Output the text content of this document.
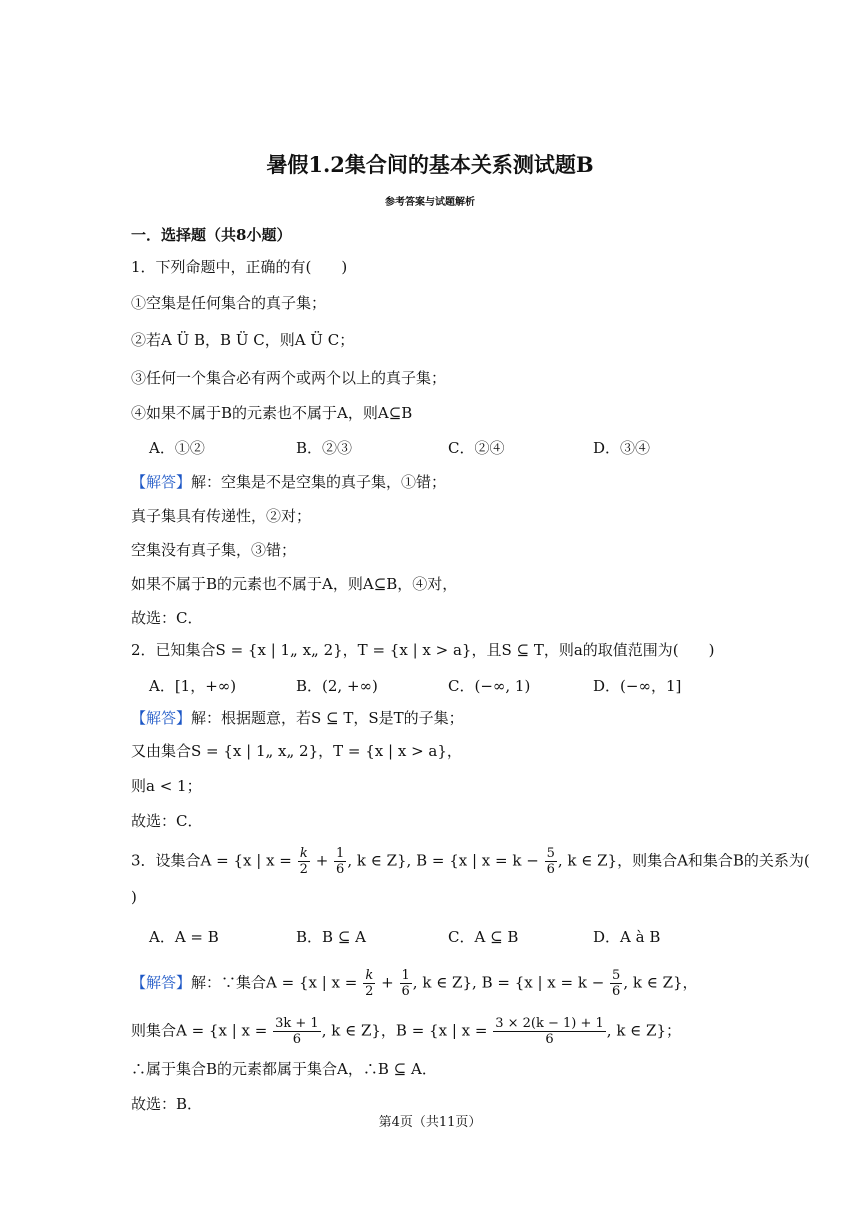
暑假1.2集合间的基本关系测试题B
参考答案与试题解析
一．选择题（共8小题）
1．下列命题中，正确的有(　　)
①空集是任何集合的真子集；
②若A Ü B，B Ü C，则A Ü C；
③任何一个集合必有两个或两个以上的真子集；
④如果不属于B的元素也不属于A，则A⊆B
A．①②	B．②③	C．②④	D．③④
【解答】解：空集是不是空集的真子集，①错；
真子集具有传递性，②对；
空集没有真子集，③错；
如果不属于B的元素也不属于A，则A⊆B，④对，
故选：C．
2．已知集合S = {x | 1„ x„ 2}，T = {x | x > a}，且S ⊆ T，则a的取值范围为(　　)
A．[1，+∞)	B．(2, +∞)	C．(−∞, 1)	D．(−∞，1]
【解答】解：根据题意，若S ⊆ T，S是T的子集；
又由集合S = {x | 1„ x„ 2}，T = {x | x > a}，
则a < 1；
故选：C．
3．设集合A = {x | $x = \frac{k}{2} + \frac{1}{6}$ , k ∈ Z}, B = {x | $x = k - \frac{5}{6}$ , k ∈ Z}，则集合A和集合B的关系为(
)
A．A = B	B．B ⊆ A	C．A ⊆ B	D．A à B
【解答】解：∵集合A = {x | $x = \frac{k}{2} + \frac{1}{6}$ , k ∈ Z}, B = {x | $x = k - \frac{5}{6}$ , k ∈ Z}，
则集合A = {x | $x = \frac{3k + 1}{6}$ , k ∈ Z}，B = {x | $x = \frac{3 \times 2(k - 1) + 1}{6}$ , k ∈ Z}；
∴属于集合B的元素都属于集合A，∴B ⊆ A．
故选：B．
第4页（共11页）
